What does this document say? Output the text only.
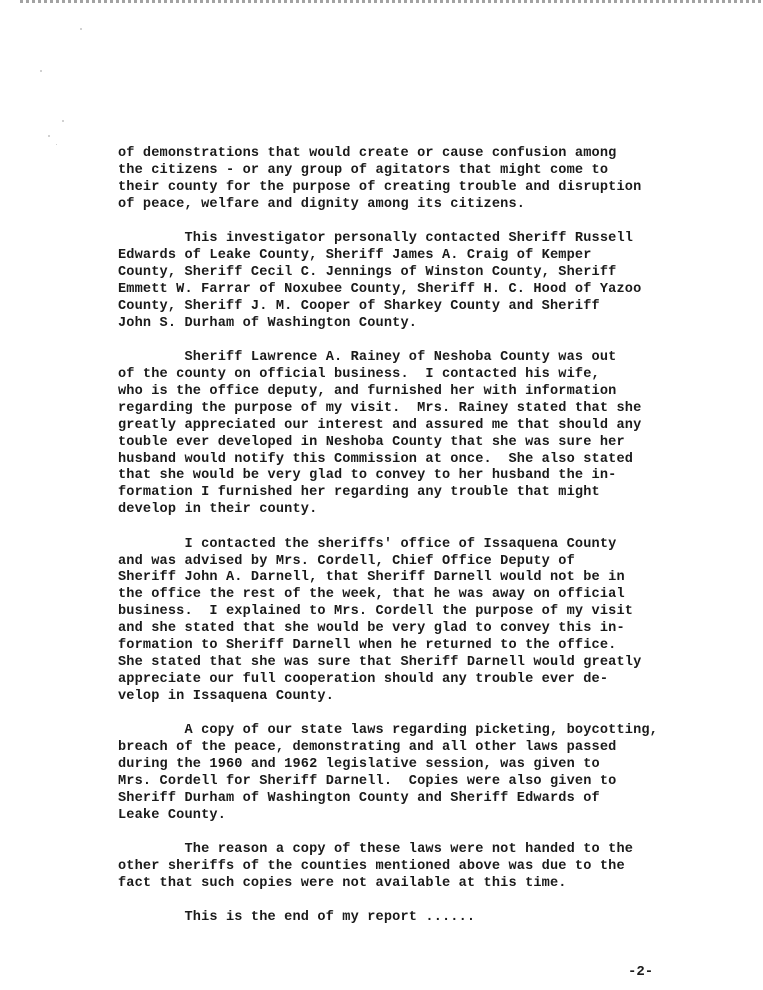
of demonstrations that would create or cause confusion among
the citizens - or any group of agitators that might come to
their county for the purpose of creating trouble and disruption
of peace, welfare and dignity among its citizens.
This investigator personally contacted Sheriff Russell
Edwards of Leake County, Sheriff James A. Craig of Kemper
County, Sheriff Cecil C. Jennings of Winston County, Sheriff
Emmett W. Farrar of Noxubee County, Sheriff H. C. Hood of Yazoo
County, Sheriff J. M. Cooper of Sharkey County and Sheriff
John S. Durham of Washington County.
Sheriff Lawrence A. Rainey of Neshoba County was out
of the county on official business.  I contacted his wife,
who is the office deputy, and furnished her with information
regarding the purpose of my visit.  Mrs. Rainey stated that she
greatly appreciated our interest and assured me that should any
touble ever developed in Neshoba County that she was sure her
husband would notify this Commission at once.  She also stated
that she would be very glad to convey to her husband the in-
formation I furnished her regarding any trouble that might
develop in their county.
I contacted the sheriffs' office of Issaquena County
and was advised by Mrs. Cordell, Chief Office Deputy of
Sheriff John A. Darnell, that Sheriff Darnell would not be in
the office the rest of the week, that he was away on official
business.  I explained to Mrs. Cordell the purpose of my visit
and she stated that she would be very glad to convey this in-
formation to Sheriff Darnell when he returned to the office.
She stated that she was sure that Sheriff Darnell would greatly
appreciate our full cooperation should any trouble ever de-
velop in Issaquena County.
A copy of our state laws regarding picketing, boycotting,
breach of the peace, demonstrating and all other laws passed
during the 1960 and 1962 legislative session, was given to
Mrs. Cordell for Sheriff Darnell.  Copies were also given to
Sheriff Durham of Washington County and Sheriff Edwards of
Leake County.
The reason a copy of these laws were not handed to the
other sheriffs of the counties mentioned above was due to the
fact that such copies were not available at this time.
This is the end of my report ......
-2-
